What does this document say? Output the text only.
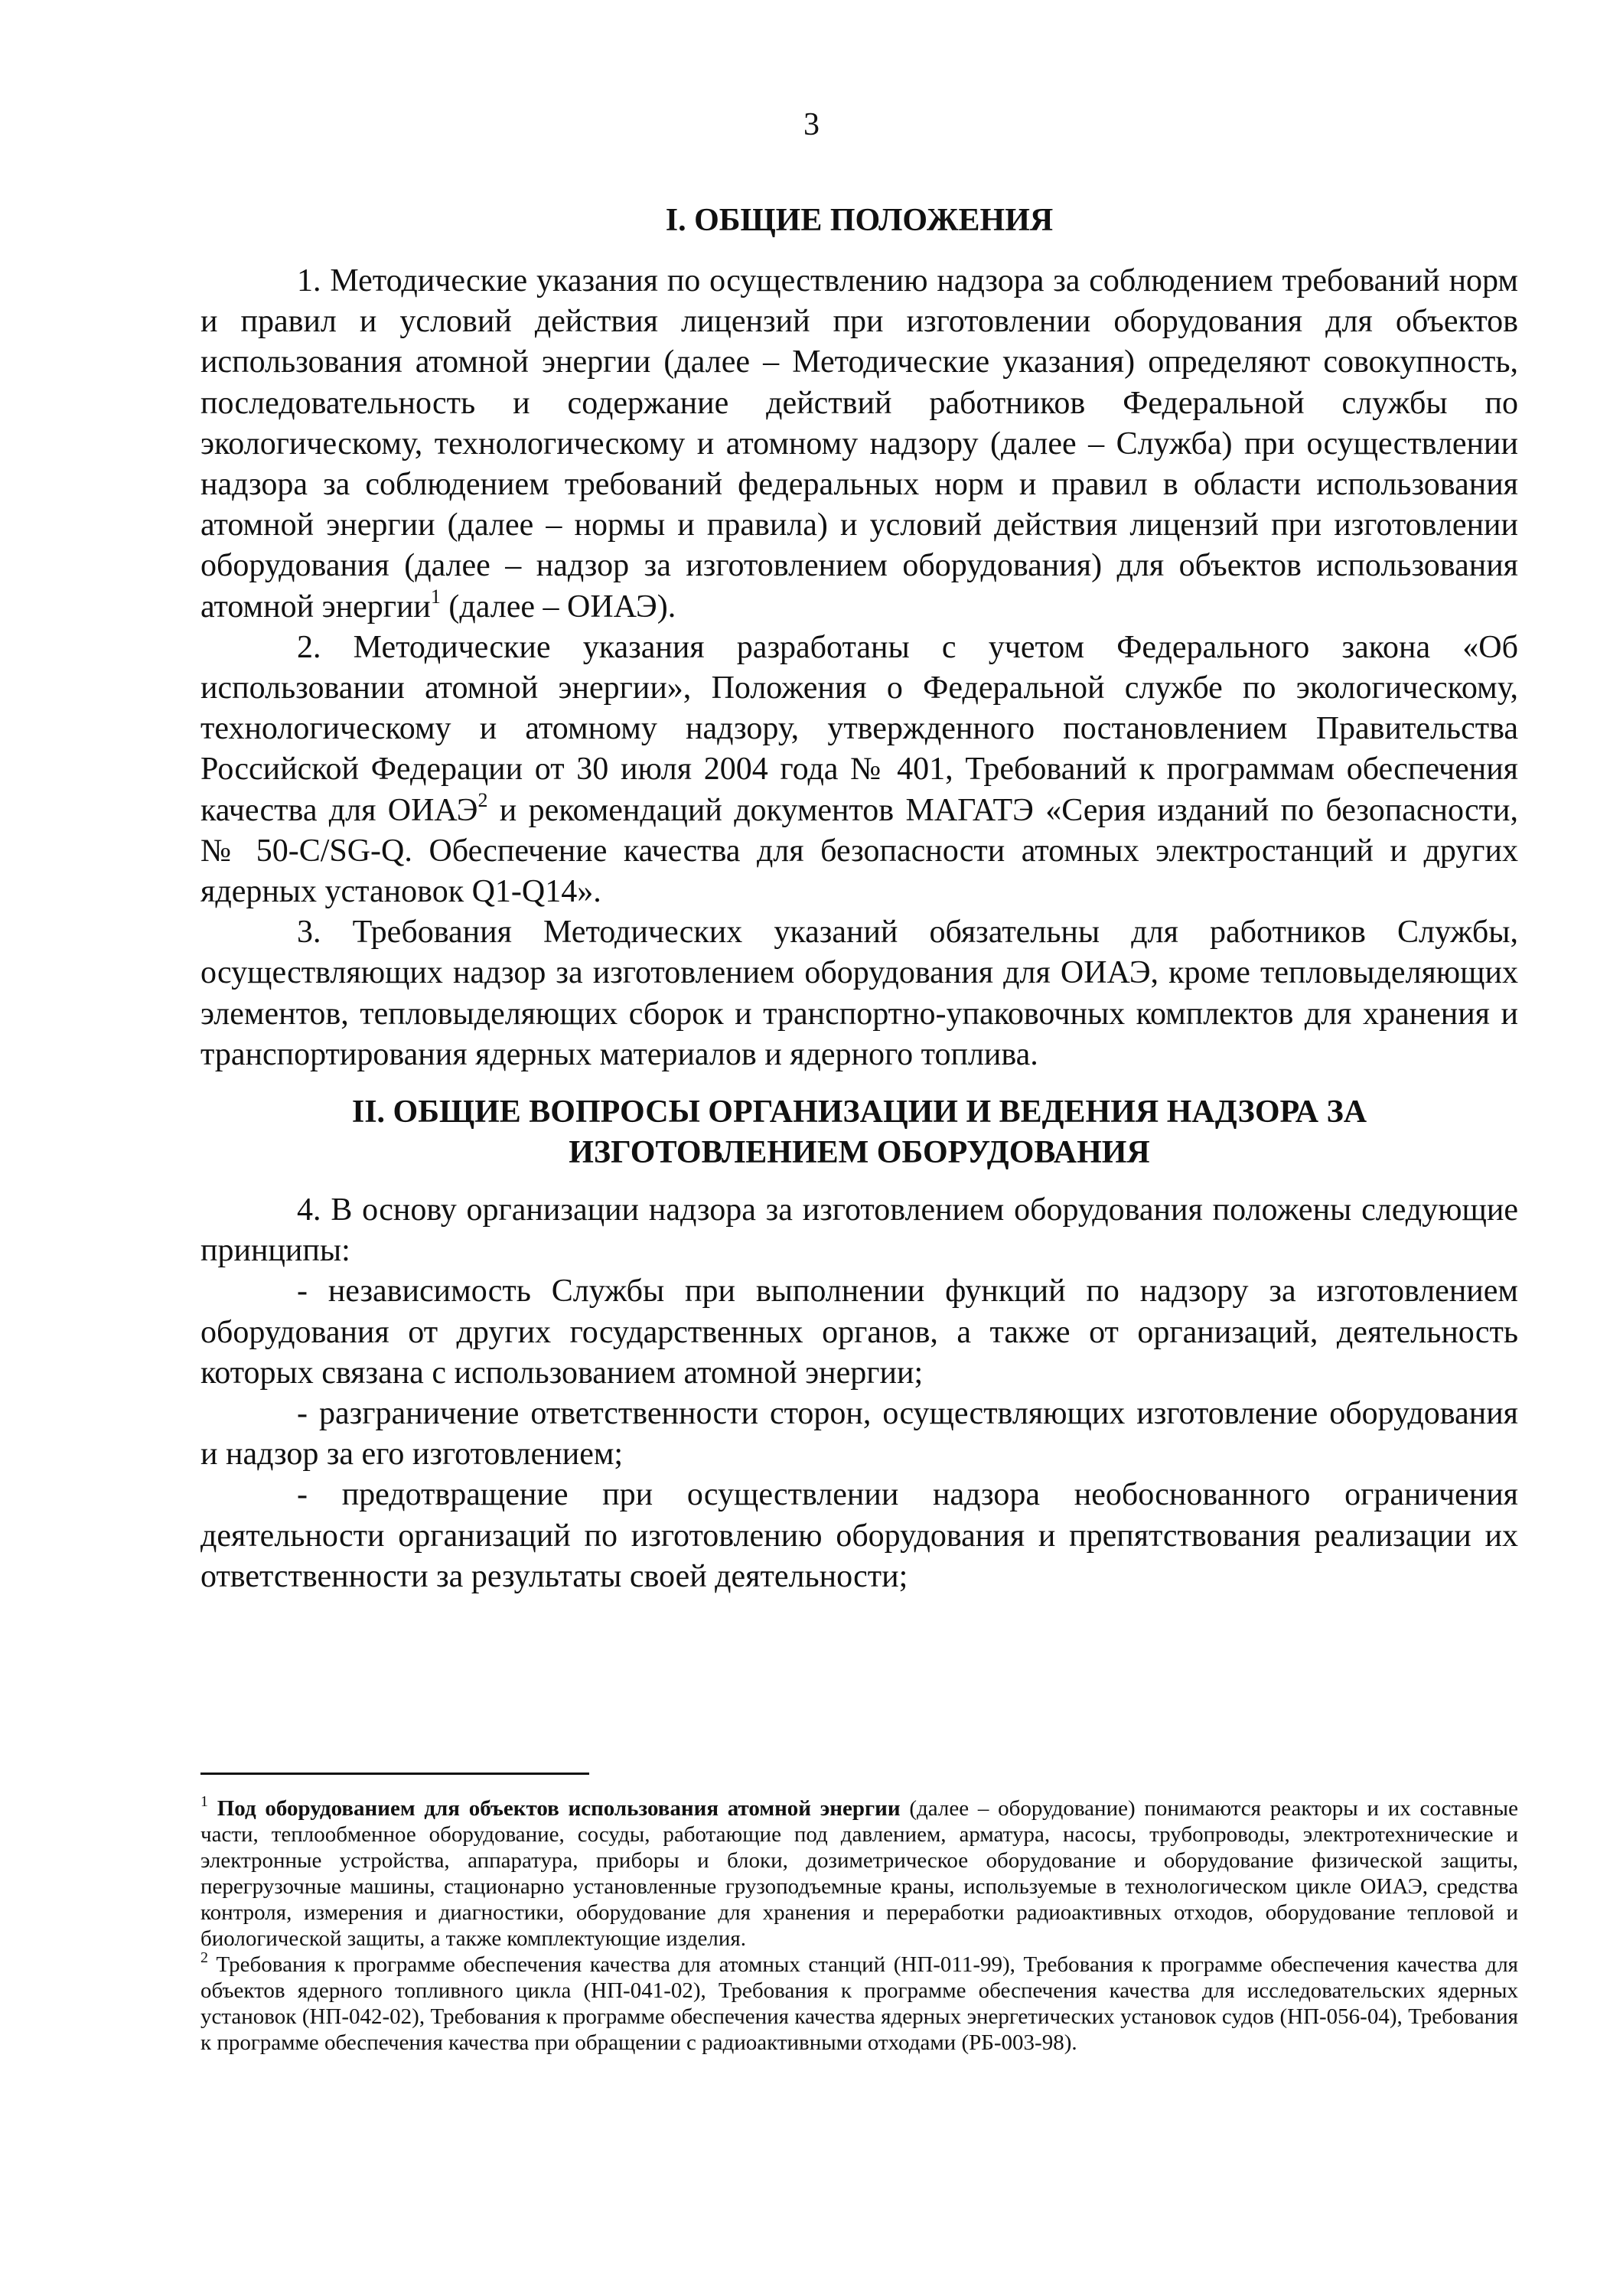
3
I. ОБЩИЕ ПОЛОЖЕНИЯ

1. Методические указания по осуществлению надзора за соблюдением требований норм и правил и условий действия лицензий при изготовлении оборудования для объектов использования атомной энергии (далее – Методические указания) определяют совокупность, последовательность и содержание действий работников Федеральной службы по экологическому, технологическому и атомному надзору (далее – Служба) при осуществлении надзора за соблюдением требований федеральных норм и правил в области использования атомной энергии (далее – нормы и правила) и условий действия лицензий при изготовлении оборудования (далее – надзор за изготовлением оборудования) для объектов использования атомной энергии$^1$ (далее – ОИАЭ).

2. Методические указания разработаны с учетом Федерального закона «Об использовании атомной энергии», Положения о Федеральной службе по экологическому, технологическому и атомному надзору, утвержденного постановлением Правительства Российской Федерации от 30 июля 2004 года № 401, Требований к программам обеспечения качества для ОИАЭ$^2$ и рекомендаций документов МАГАТЭ «Серия изданий по безопасности, № 50-C/SG-Q. Обеспечение качества для безопасности атомных электростанций и других ядерных установок Q1-Q14».

3. Требования Методических указаний обязательны для работников Службы, осуществляющих надзор за изготовлением оборудования для ОИАЭ, кроме тепловыделяющих элементов, тепловыделяющих сборок и транспортно-упаковочных комплектов для хранения и транспортирования ядерных материалов и ядерного топлива.

II. ОБЩИЕ ВОПРОСЫ ОРГАНИЗАЦИИ И ВЕДЕНИЯ НАДЗОРА ЗА
ИЗГОТОВЛЕНИЕМ ОБОРУДОВАНИЯ

4. В основу организации надзора за изготовлением оборудования положены следующие принципы:

- независимость Службы при выполнении функций по надзору за изготовлением оборудования от других государственных органов, а также от организаций, деятельность которых связана с использованием атомной энергии;

- разграничение ответственности сторон, осуществляющих изготовление оборудования и надзор за его изготовлением;

- предотвращение при осуществлении надзора необоснованного ограничения деятельности организаций по изготовлению оборудования и препятствования реализации их ответственности за результаты своей деятельности;

$^1$ Под оборудованием для объектов использования атомной энергии (далее – оборудование) понимаются реакторы и их составные части, теплообменное оборудование, сосуды, работающие под давлением, арматура, насосы, трубопроводы, электротехнические и электронные устройства, аппаратура, приборы и блоки, дозиметрическое оборудование и оборудование физической защиты, перегрузочные машины, стационарно установленные грузоподъемные краны, используемые в технологическом цикле ОИАЭ, средства контроля, измерения и диагностики, оборудование для хранения и переработки радиоактивных отходов, оборудование тепловой и биологической защиты, а также комплектующие изделия.

$^2$ Требования к программе обеспечения качества для атомных станций (НП-011-99), Требования к программе обеспечения качества для объектов ядерного топливного цикла (НП-041-02), Требования к программе обеспечения качества для исследовательских ядерных установок (НП-042-02), Требования к программе обеспечения качества ядерных энергетических установок судов (НП-056-04), Требования к программе обеспечения качества при обращении с радиоактивными отходами (РБ-003-98).
